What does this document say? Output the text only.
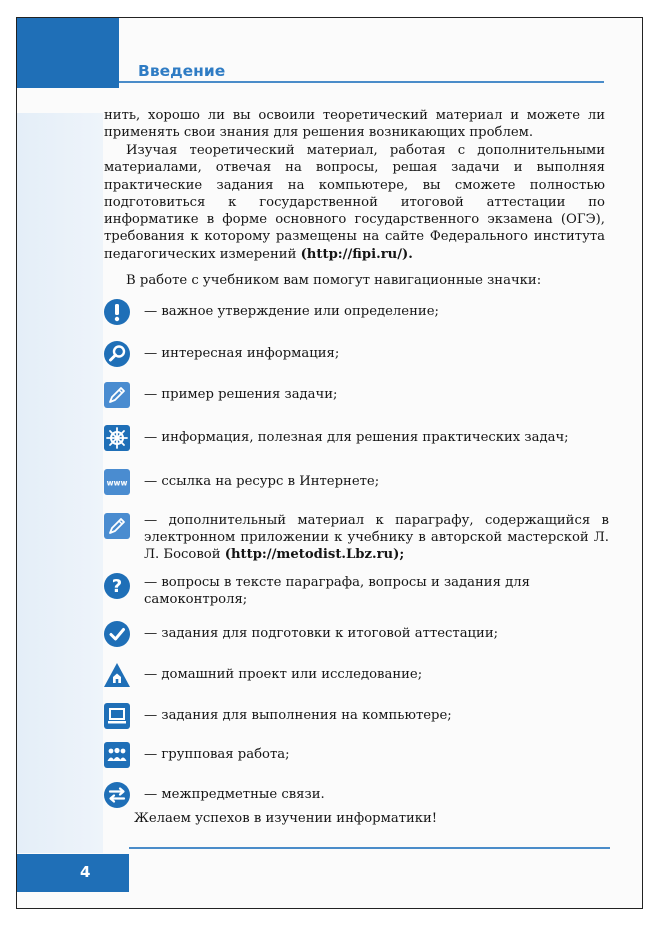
Введение

нить, хорошо ли вы освоили теоретический материал и можете ли применять свои знания для решения возникающих проблем.

Изучая теоретический материал, работая с дополнительными материалами, отвечая на вопросы, решая задачи и выполняя практические задания на компьютере, вы сможете полностью подготовиться к государственной итоговой аттестации по информатике в форме основного государственного экзамена (ОГЭ), требования к которому размещены на сайте Федерального института педагогических измерений (http://fipi.ru/).

В работе с учебником вам помогут навигационные значки:

— важное утверждение или определение;

— интересная информация;

— пример решения задачи;

— информация, полезная для решения практических задач;

www — ссылка на ресурс в Интернете;

— дополнительный материал к параграфу, содержащийся в электронном приложении к учебнику в авторской мастерской Л. Л. Босовой (http://metodist.Lbz.ru);

? — вопросы в тексте параграфа, вопросы и задания для самоконтроля;

— задания для подготовки к итоговой аттестации;

— домашний проект или исследование;

— задания для выполнения на компьютере;

— групповая работа;

— межпредметные связи.

Желаем успехов в изучении информатики!

4
